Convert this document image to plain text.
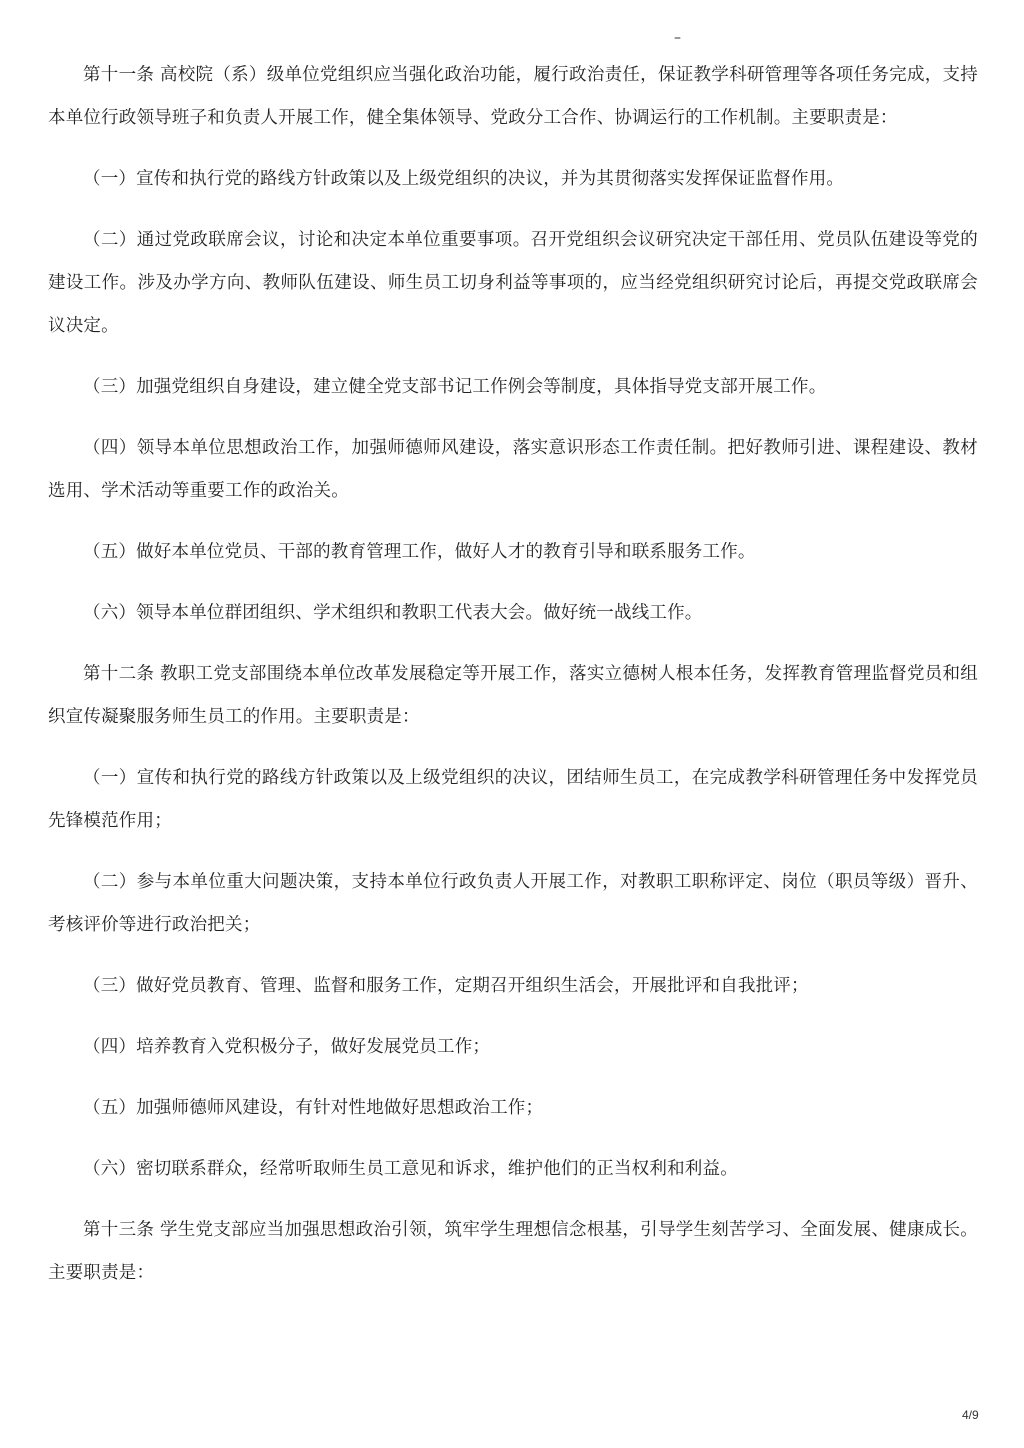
–

第十一条 高校院（系）级单位党组织应当强化政治功能，履行政治责任，保证教学科研管理等各项任务完成，支持本单位行政领导班子和负责人开展工作，健全集体领导、党政分工合作、协调运行的工作机制。主要职责是：

（一）宣传和执行党的路线方针政策以及上级党组织的决议，并为其贯彻落实发挥保证监督作用。

（二）通过党政联席会议，讨论和决定本单位重要事项。召开党组织会议研究决定干部任用、党员队伍建设等党的建设工作。涉及办学方向、教师队伍建设、师生员工切身利益等事项的，应当经党组织研究讨论后，再提交党政联席会议决定。

（三）加强党组织自身建设，建立健全党支部书记工作例会等制度，具体指导党支部开展工作。

（四）领导本单位思想政治工作，加强师德师风建设，落实意识形态工作责任制。把好教师引进、课程建设、教材选用、学术活动等重要工作的政治关。

（五）做好本单位党员、干部的教育管理工作，做好人才的教育引导和联系服务工作。

（六）领导本单位群团组织、学术组织和教职工代表大会。做好统一战线工作。

第十二条 教职工党支部围绕本单位改革发展稳定等开展工作，落实立德树人根本任务，发挥教育管理监督党员和组织宣传凝聚服务师生员工的作用。主要职责是：

（一）宣传和执行党的路线方针政策以及上级党组织的决议，团结师生员工，在完成教学科研管理任务中发挥党员先锋模范作用；

（二）参与本单位重大问题决策，支持本单位行政负责人开展工作，对教职工职称评定、岗位（职员等级）晋升、考核评价等进行政治把关；

（三）做好党员教育、管理、监督和服务工作，定期召开组织生活会，开展批评和自我批评；

（四）培养教育入党积极分子，做好发展党员工作；

（五）加强师德师风建设，有针对性地做好思想政治工作；

（六）密切联系群众，经常听取师生员工意见和诉求，维护他们的正当权利和利益。

第十三条 学生党支部应当加强思想政治引领，筑牢学生理想信念根基，引导学生刻苦学习、全面发展、健康成长。主要职责是：

4/9
